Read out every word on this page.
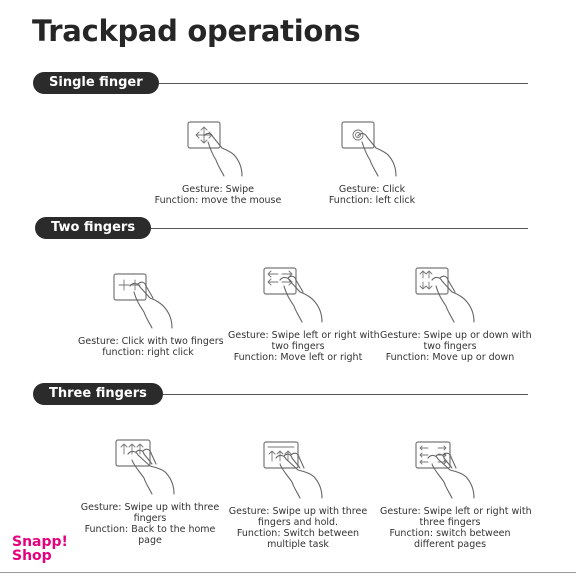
Trackpad operations
Single finger
Gesture: Swipe
Function: move the mouse
Gesture: Click
Function: left click
Two fingers
Gesture: Click with two fingers
function: right click
Gesture: Swipe left or right with
two fingers
Function: Move left or right
Gesture: Swipe up or down with
two fingers
Function: Move up or down
Three fingers
Gesture: Swipe up with three
fingers
Function: Back to the home
page
Gesture: Swipe up with three
fingers and hold.
Function: Switch between
multiple task
Gesture: Swipe left or right with
three fingers
Function: switch between
different pages
Snapp!
Shop
